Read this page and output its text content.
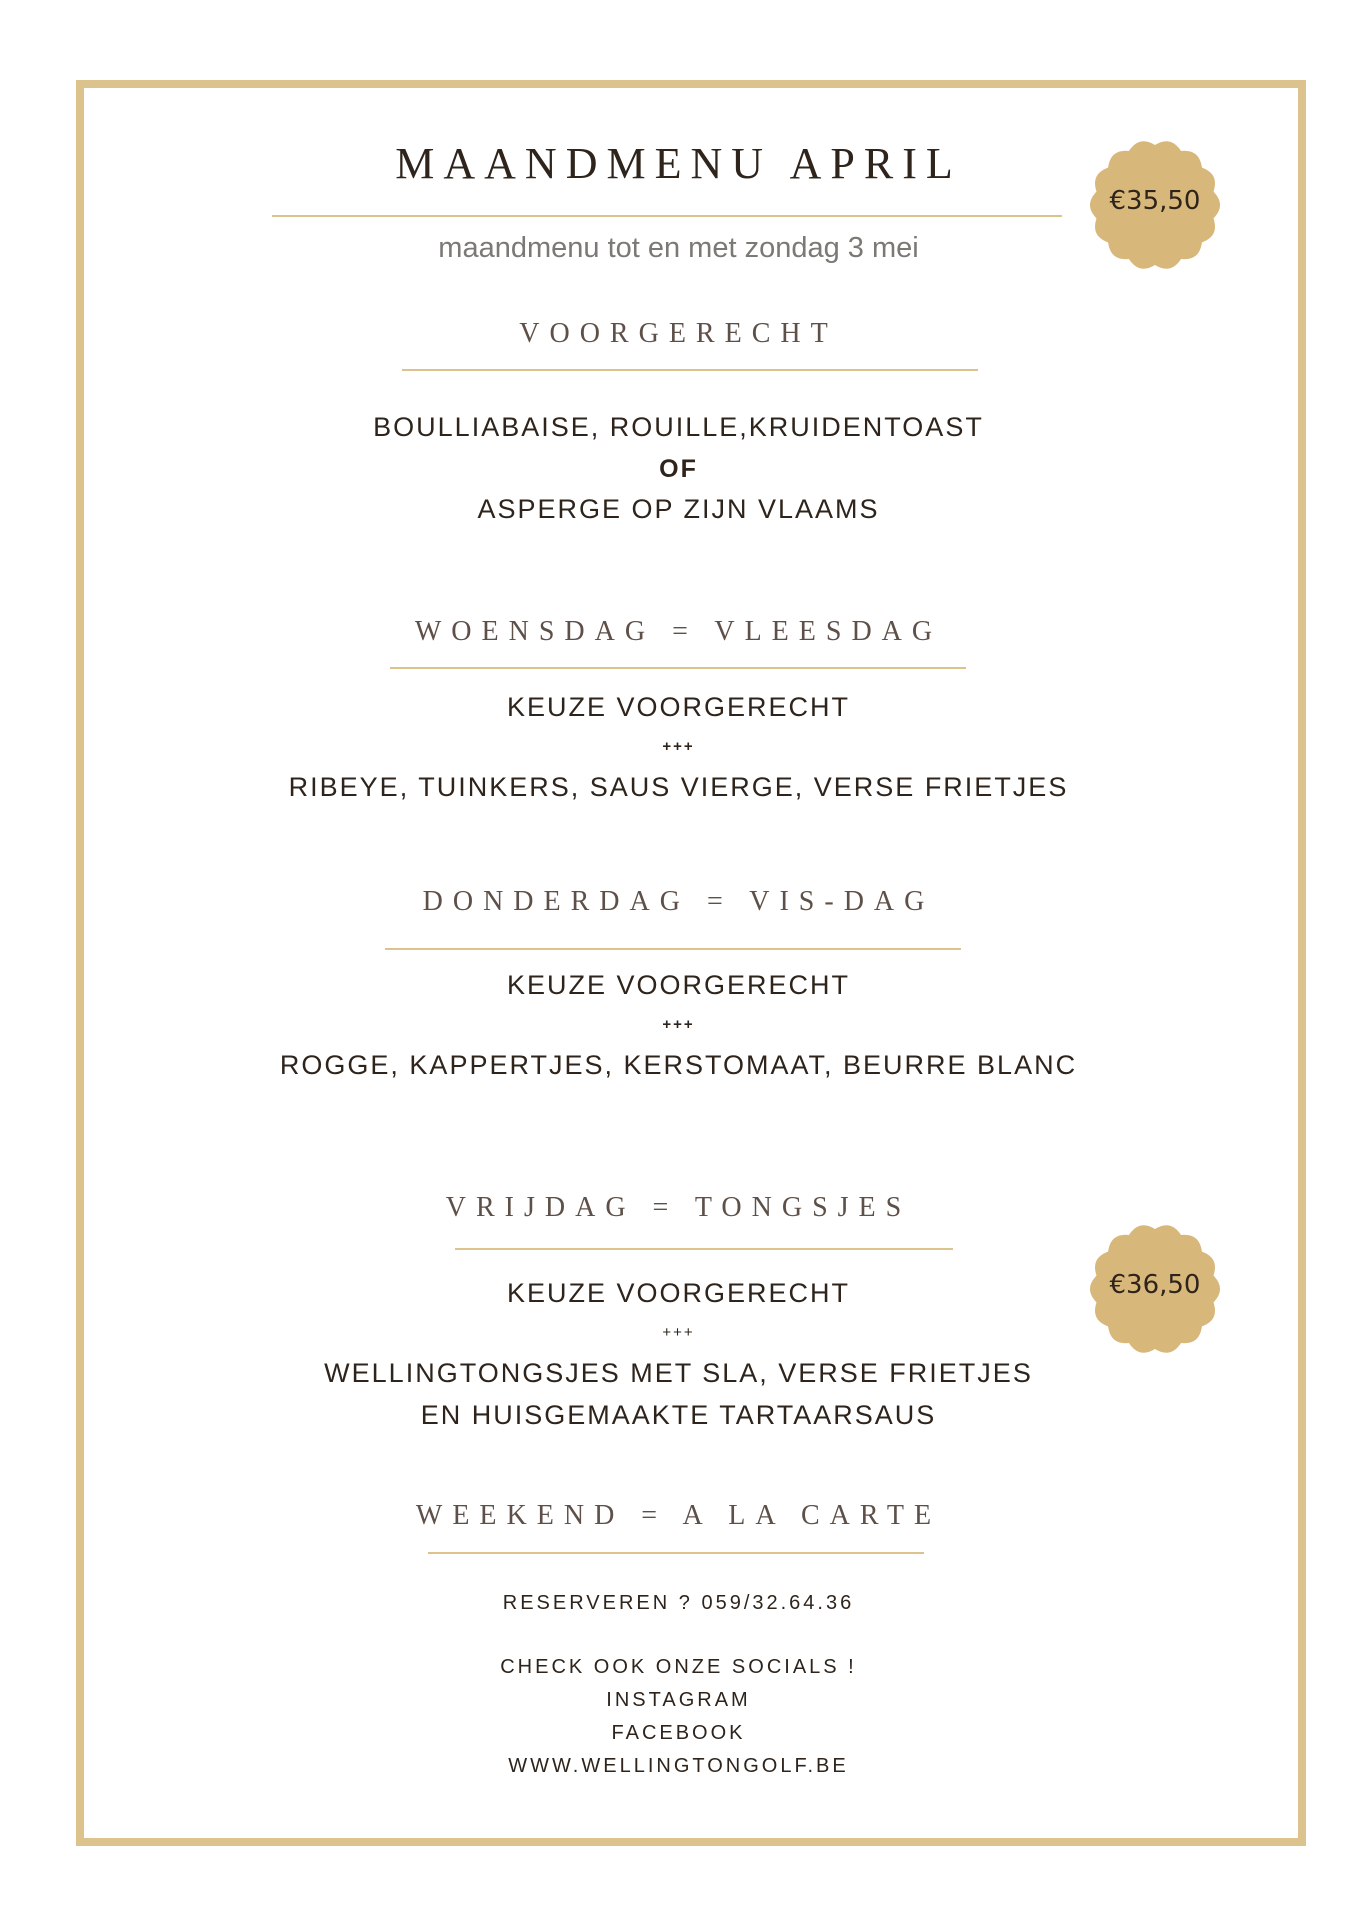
MAANDMENU APRIL
maandmenu tot en met zondag 3 mei
€35,50
VOORGERECHT
BOULLIABAISE, ROUILLE,KRUIDENTOAST
OF
ASPERGE OP ZIJN VLAAMS
WOENSDAG = VLEESDAG
KEUZE VOORGERECHT
+++
RIBEYE, TUINKERS, SAUS VIERGE, VERSE FRIETJES
DONDERDAG = VIS-DAG
KEUZE VOORGERECHT
+++
ROGGE, KAPPERTJES, KERSTOMAAT, BEURRE BLANC
VRIJDAG = TONGSJES
KEUZE VOORGERECHT
+++
WELLINGTONGSJES MET SLA, VERSE FRIETJES
EN HUISGEMAAKTE TARTAARSAUS
€36,50
WEEKEND = A LA CARTE
RESERVEREN ? 059/32.64.36
CHECK OOK ONZE SOCIALS !
INSTAGRAM
FACEBOOK
WWW.WELLINGTONGOLF.BE
